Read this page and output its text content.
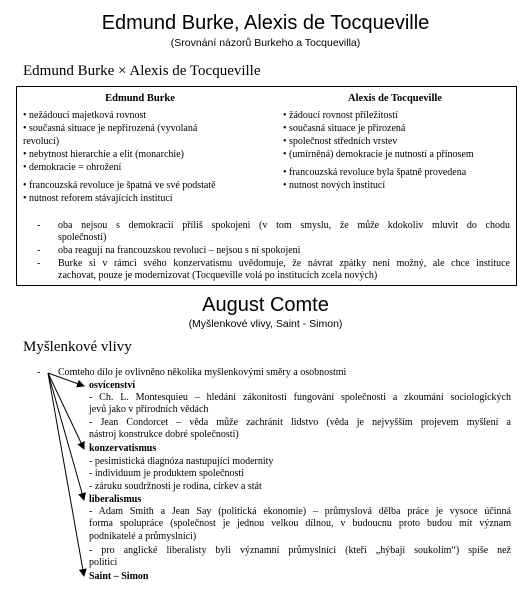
Edmund Burke, Alexis de Tocqueville
(Srovnání názorů Burkeho a Tocquevilla)
Edmund Burke × Alexis de Tocqueville
Edmund Burke	Alexis de Tocqueville
• nežádoucí majetková rovnost
• současná situace je nepřirozená (vyvolaná
revolucí)
• nebytnost hierarchie a elit (monarchie)
• demokracie = ohrožení
• francouzská revoluce je špatná ve své podstatě
• nutnost reforem stávajících institucí
• žádoucí rovnost příležitostí
• současná situace je přirozená
• společnost středních vrstev
• (umírněná) demokracie je nutností a přínosem
• francouzská revoluce byla špatně provedena
• nutnost nových institucí
- oba nejsou s demokracií příliš spokojeni (v tom smyslu, že může kdokoliv mluvit do chodu
společnosti)
- oba reagují na francouzskou revoluci – nejsou s ní spokojeni
- Burke si v rámci svého konzervatismu uvědomuje, že návrat zpátky není možný, ale chce instituce
zachovat, pouze je modernizovat (Tocqueville volá po institucích zcela nových)
August Comte
(Myšlenkové vlivy, Saint - Simon)
Myšlenkové vlivy
- Comteho dílo je ovlivněno několika myšlenkovými směry a osobnostmi
osvícenství
- Ch. L. Montesquieu – hledání zákonitostí fungování společnosti a zkoumání sociologických
jevů jako v přírodních vědách
- Jean Condorcet – věda může zachránit lidstvo (věda je nejvyšším projevem myšlení a
nástroj konstrukce dobré společnosti)
konzervatismus
- pesimistická diagnóza nastupující modernity
- individuum je produktem společnosti
- záruku soudržnosti je rodina, církev a stát
liberalismus
- Adam Smith a Jean Say (politická ekonomie) – průmyslová dělba práce je vysoce účinná
forma spolupráce (společnost je jednou velkou dílnou, v budoucnu proto budou mít význam
podnikatelé a průmyslníci)
- pro anglické liberalisty byli významní průmyslníci (kteří „hýbají soukolím“) spíše než
politici
Saint – Simon
